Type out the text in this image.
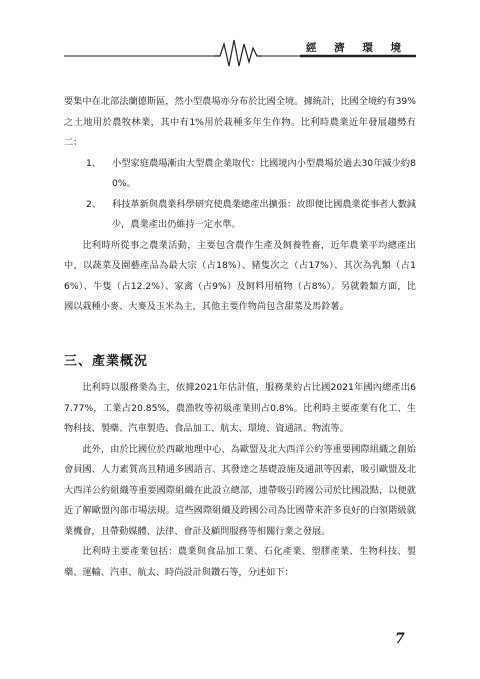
經 濟 環 境

要集中在北部法蘭德斯區，然小型農場亦分布於比國全境。據統計，比國全境約有39%之土地用於農牧林業，其中有1%用於栽種多年生作物。比利時農業近年發展趨勢有二：

1、 小型家庭農場漸由大型農企業取代：比國境內小型農場於過去30年減少約80%。
2、 科技革新與農業科學研究使農業總產出擴張：故即便比國農業從事者人數減少，農業產出仍維持一定水準。

比利時所從事之農業活動，主要包含農作生產及飼養牲畜，近年農業平均總產出中，以蔬菜及園藝產品為最大宗（占18%）、豬隻次之（占17%）、其次為乳類（占16%）、牛隻（占12.2%）、家禽（占9%）及飼料用植物（占8%）。另就穀類方面，比國以栽種小麥、大麥及玉米為主，其他主要作物尚包含甜菜及馬鈴薯。

三、產業概況

比利時以服務業為主，依據2021年估計值，服務業約占比國2021年國內總產出67.77%，工業占20.85%，農漁牧等初級產業則占0.8%。比利時主要產業有化工、生物科技、製藥、汽車製造、食品加工、航太、環境、資通訊、物流等。

此外，由於比國位於西歐地理中心、為歐盟及北大西洋公約等重要國際組織之創始會員國、人力素質高且精通多國語言、其發達之基礎設施及通訊等因素，吸引歐盟及北大西洋公約組織等重要國際組織在此設立總部，連帶吸引跨國公司於比國設點，以便就近了解歐盟內部市場法規。這些國際組織及跨國公司為比國帶來許多良好的白領階級就業機會，且帶動媒體、法律、會計及顧問服務等相關行業之發展。

比利時主要產業包括：農業與食品加工業、石化產業、塑膠產業、生物科技、製藥、運輸、汽車、航太、時尚設計與鑽石等，分述如下：

7
